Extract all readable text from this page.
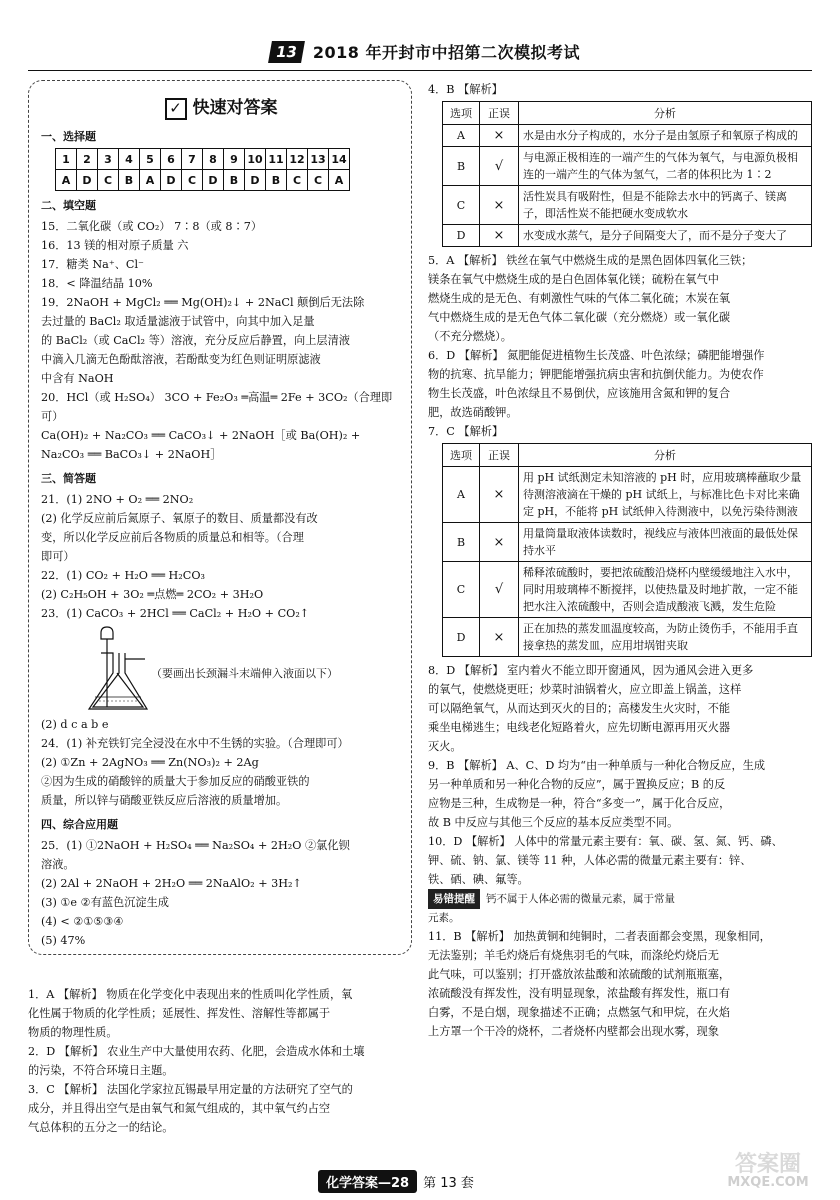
13 2018 年开封市中招第二次模拟考试
✓ 快速对答案
一、选择题
1	2	3	4	5	6	7	8	9	10	11	12	13	14
A	D	C	B	A	D	C	D	B	D	B	C	C	A
二、填空题

15．二氧化碳（或 CO₂） 7∶8（或 8∶7）

16．13 镁的相对原子质量 六

17．糖类 Na⁺、Cl⁻

18．< 降温结晶 10%

19．2NaOH + MgCl₂ ══ Mg(OH)₂↓ + 2NaCl 颠倒后无法除

去过量的 BaCl₂ 取适量滤液于试管中，向其中加入足量

的 BaCl₂（或 CaCl₂ 等）溶液，充分反应后静置，向上层清液

中滴入几滴无色酚酞溶液，若酚酞变为红色则证明原滤液

中含有 NaOH

20．HCl（或 H₂SO₄） 3CO + Fe₂O₃ ═高温═ 2Fe + 3CO₂（合理即可）

Ca(OH)₂ + Na₂CO₃ ══ CaCO₃↓ + 2NaOH［或 Ba(OH)₂ +

Na₂CO₃ ══ BaCO₃↓ + 2NaOH］

三、简答题

21．(1) 2NO + O₂ ══ 2NO₂

(2) 化学反应前后氮原子、氧原子的数目、质量都没有改

变，所以化学反应前后各物质的质量总和相等。（合理

即可）

22．(1) CO₂ + H₂O ══ H₂CO₃

(2) C₂H₅OH + 3O₂ ═点燃═ 2CO₂ + 3H₂O

23．(1) CaCO₃ + 2HCl ══ CaCl₂ + H₂O + CO₂↑

（要画出长颈漏斗末端伸入液面以下）

(2) d c a b e

24．(1) 补充铁钉完全浸没在水中不生锈的实验。（合理即可）

(2) ①Zn + 2AgNO₃ ══ Zn(NO₃)₂ + 2Ag

②因为生成的硝酸锌的质量大于参加反应的硝酸亚铁的

质量，所以锌与硝酸亚铁反应后溶液的质量增加。

四、综合应用题

25．(1) ①2NaOH + H₂SO₄ ══ Na₂SO₄ + 2H₂O ②氯化钡

溶液。

(2) 2Al + 2NaOH + 2H₂O ══ 2NaAlO₂ + 3H₂↑

(3) ①e ②有蓝色沉淀生成

(4) < ②①⑤③④

(5) 47%

1．A 【解析】 物质在化学变化中表现出来的性质叫化学性质，氧

化性属于物质的化学性质；延展性、挥发性、溶解性等都属于

物质的物理性质。

2．D 【解析】 农业生产中大量使用农药、化肥，会造成水体和土壤

的污染，不符合环境日主题。

3．C 【解析】 法国化学家拉瓦锡最早用定量的方法研究了空气的

成分，并且得出空气是由氧气和氮气组成的，其中氧气约占空

气总体积的五分之一的结论。

4．B 【解析】

选项	正误	分析
A	×	水是由水分子构成的，水分子是由氢原子和氧原子构成的
B	√	与电源正极相连的一端产生的气体为氧气，与电源负极相连的一端产生的气体为氢气，二者的体积比为 1∶2
C	×	活性炭具有吸附性，但是不能除去水中的钙离子、镁离子，即活性炭不能把硬水变成软水
D	×	水变成水蒸气，是分子间隔变大了，而不是分子变大了

5．A 【解析】 铁丝在氧气中燃烧生成的是黑色固体四氧化三铁；

镁条在氧气中燃烧生成的是白色固体氧化镁；硫粉在氧气中

燃烧生成的是无色、有刺激性气味的气体二氧化硫；木炭在氧

气中燃烧生成的是无色气体二氧化碳（充分燃烧）或一氧化碳

（不充分燃烧）。

6．D 【解析】 氮肥能促进植物生长茂盛、叶色浓绿；磷肥能增强作

物的抗寒、抗旱能力；钾肥能增强抗病虫害和抗倒伏能力。为使农作

物生长茂盛，叶色浓绿且不易倒伏，应该施用含氮和钾的复合

肥，故选硝酸钾。

7．C 【解析】

选项	正误	分析
A	×	用 pH 试纸测定未知溶液的 pH 时，应用玻璃棒蘸取少量待测溶液滴在干燥的 pH 试纸上，与标准比色卡对比来确定 pH，不能将 pH 试纸伸入待测液中，以免污染待测液
B	×	用量筒量取液体读数时，视线应与液体凹液面的最低处保持水平
C	√	稀释浓硫酸时，要把浓硫酸沿烧杯内壁缓缓地注入水中，同时用玻璃棒不断搅拌，以使热量及时地扩散，一定不能把水注入浓硫酸中，否则会造成酸液飞溅，发生危险
D	×	正在加热的蒸发皿温度较高，为防止烫伤手，不能用手直接拿热的蒸发皿，应用坩埚钳夹取

8．D 【解析】 室内着火不能立即开窗通风，因为通风会进入更多

的氧气，使燃烧更旺；炒菜时油锅着火，应立即盖上锅盖，这样

可以隔绝氧气，从而达到灭火的目的；高楼发生火灾时，不能

乘坐电梯逃生；电线老化短路着火，应先切断电源再用灭火器

灭火。

9．B 【解析】 A、C、D 均为“由一种单质与一种化合物反应，生成

另一种单质和另一种化合物的反应”，属于置换反应；B 的反

应物是三种，生成物是一种，符合“多变一”，属于化合反应，

故 B 中反应与其他三个反应的基本反应类型不同。

10．D 【解析】 人体中的常量元素主要有：氧、碳、氢、氮、钙、磷、

钾、硫、钠、氯、镁等 11 种，人体必需的微量元素主要有：锌、

铁、硒、碘、氟等。

易错提醒 钙不属于人体必需的微量元素，属于常量
元素。

11．B 【解析】 加热黄铜和纯铜时，二者表面都会变黑，现象相同，

无法鉴别；羊毛灼烧后有烧焦羽毛的气味，而涤纶灼烧后无

此气味，可以鉴别；打开盛放浓盐酸和浓硫酸的试剂瓶瓶塞，

浓硫酸没有挥发性，没有明显现象，浓盐酸有挥发性，瓶口有

白雾，不是白烟，现象描述不正确；点燃氢气和甲烷，在火焰

上方罩一个干冷的烧杯，二者烧杯内壁都会出现水雾，现象

化学答案—28	第 13 套
答案圈
MXQE.COM
